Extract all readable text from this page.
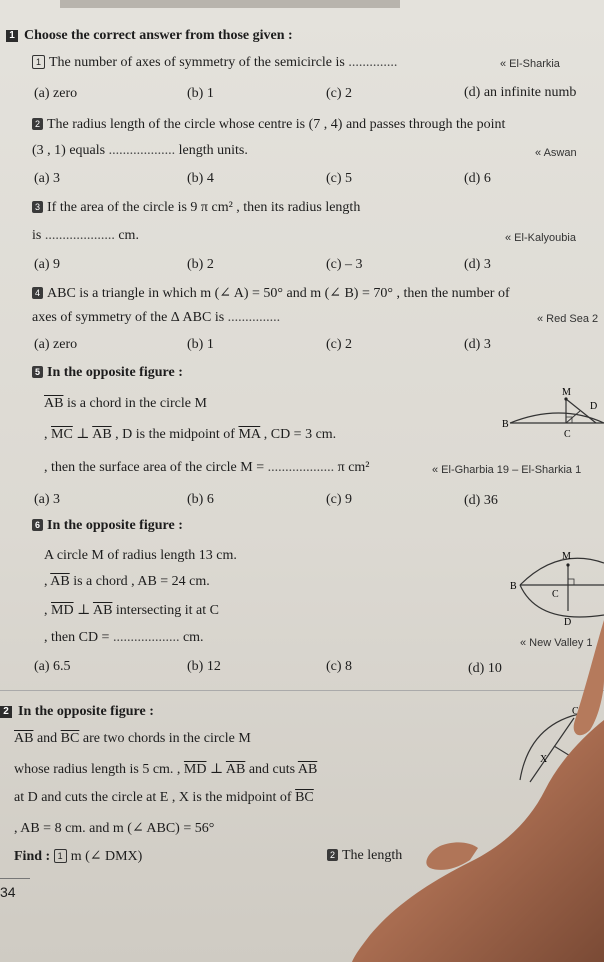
1 Choose the correct answer from those given :
1 The number of axes of symmetry of the semicircle is ..............	« El-Sharkia
(a) zero	(b) 1	(c) 2	(d) an infinite numb
2 The radius length of the circle whose centre is (7 , 4) and passes through the point
(3 , 1) equals ................... length units.	« Aswan
(a) 3	(b) 4	(c) 5	(d) 6
3 If the area of the circle is 9 π cm² , then its radius length
is .................... cm.	« El-Kalyoubia
(a) 9	(b) 2	(c) – 3	(d) 3
4 ABC is a triangle in which m (∠ A) = 50° and m (∠ B) = 70° , then the number of
axes of symmetry of the Δ ABC is ...............	« Red Sea 2
(a) zero	(b) 1	(c) 2	(d) 3
5 In the opposite figure :
$\overline{AB}$ is a chord in the circle M
, $\overline{MC}$ ⊥ $\overline{AB}$ , D is the midpoint of $\overline{MA}$ , CD = 3 cm.
, then the surface area of the circle M = ................... π cm²	« El-Gharbia 19 – El-Sharkia 1
(a) 3	(b) 6	(c) 9	(d) 36
M
D
B
C
6 In the opposite figure :
A circle M of radius length 13 cm.
, $\overline{AB}$ is a chord , AB = 24 cm.
, $\overline{MD}$ ⊥ $\overline{AB}$ intersecting it at C
, then CD = ................... cm.	« New Valley 1
(a) 6.5	(b) 12	(c) 8	(d) 10
M
B
C
D
2 In the opposite figure :
$\overline{AB}$ and $\overline{BC}$ are two chords in the circle M
whose radius length is 5 cm. , $\overline{MD}$ ⊥ $\overline{AB}$ and cuts $\overline{AB}$
at D and cuts the circle at E , X is the midpoint of $\overline{BC}$
, AB = 8 cm. and m (∠ ABC) = 56°
Find : 1 m (∠ DMX)	2 The length
C
X
34
